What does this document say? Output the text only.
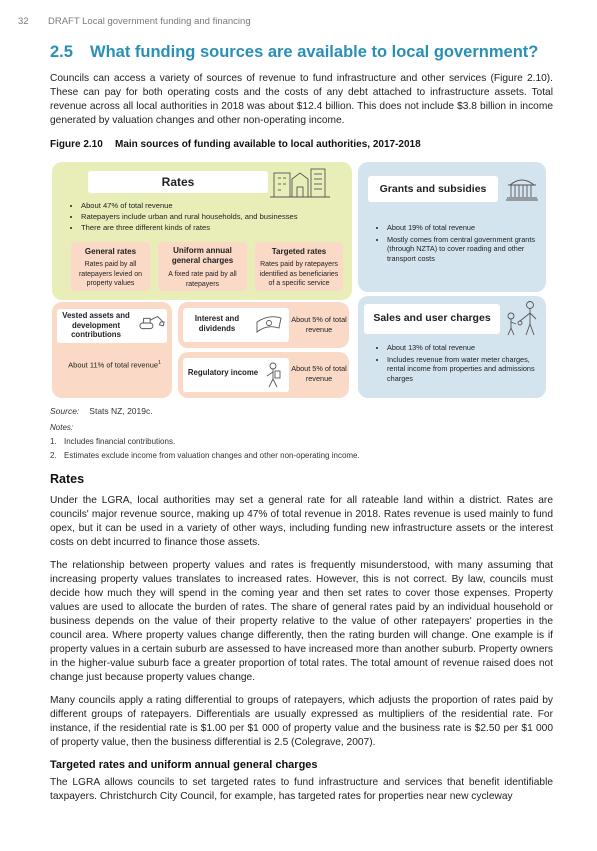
32 DRAFT Local government funding and financing
2.5 What funding sources are available to local government?

Councils can access a variety of sources of revenue to fund infrastructure and other services (Figure 2.10). These can pay for both operating costs and the costs of any debt attached to infrastructure assets. Total revenue across all local authorities in 2018 was about $12.4 billion. This does not include $3.8 billion in income generated by valuation changes and other non-operating income.

Figure 2.10 Main sources of funding available to local authorities, 2017-2018
Rates
• About 47% of total revenue
• Ratepayers include urban and rural households, and businesses
• There are three different kinds of rates
General rates
Rates paid by all ratepayers levied on property values
Uniform annual general charges
A fixed rate paid by all ratepayers
Targeted rates
Rates paid by ratepayers identified as beneficiaries of a specific service
Grants and subsidies
• About 19% of total revenue
• Mostly comes from central government grants (through NZTA) to cover roading and other transport costs
Vested assets and development contributions
About 11% of total revenue$^1$
Interest and dividends
About 5% of total revenue
Regulatory income	About 5% of total revenue
Sales and user charges
• About 13% of total revenue
• Includes revenue from water meter charges, rental income from properties and admissions charges
Source: Stats NZ, 2019c.
Notes:
1. Includes financial contributions.
2. Estimates exclude income from valuation changes and other non-operating income.
Rates

Under the LGRA, local authorities may set a general rate for all rateable land within a district. Rates are councils' major revenue source, making up 47% of total revenue in 2018. Rates revenue is used mainly to fund opex, but it can be used in a variety of other ways, including funding new infrastructure assets or the interest costs on debt incurred to finance those assets.

The relationship between property values and rates is frequently misunderstood, with many assuming that increasing property values translates to increased rates. However, this is not correct. By law, councils must decide how much they will spend in the coming year and then set rates to cover those expenses. Property values are used to allocate the burden of rates. The share of general rates paid by an individual household or business depends on the value of their property relative to the value of other ratepayers' properties in the council area. Where property values change differently, then the rating burden will change. One example is if property values in a certain suburb are assessed to have increased more than another suburb. Property owners in the higher-value suburb face a greater proportion of total rates. The total amount of revenue raised does not change just because property values change.

Many councils apply a rating differential to groups of ratepayers, which adjusts the proportion of rates paid by different groups of ratepayers. Differentials are usually expressed as multipliers of the residential rate. For instance, if the residential rate is $1.00 per $1 000 of property value and the business rate is $2.50 per $1 000 of property value, then the business differential is 2.5 (Colegrave, 2007).

Targeted rates and uniform annual general charges

The LGRA allows councils to set targeted rates to fund infrastructure and services that benefit identifiable taxpayers. Christchurch City Council, for example, has targeted rates for properties near new cycleway
